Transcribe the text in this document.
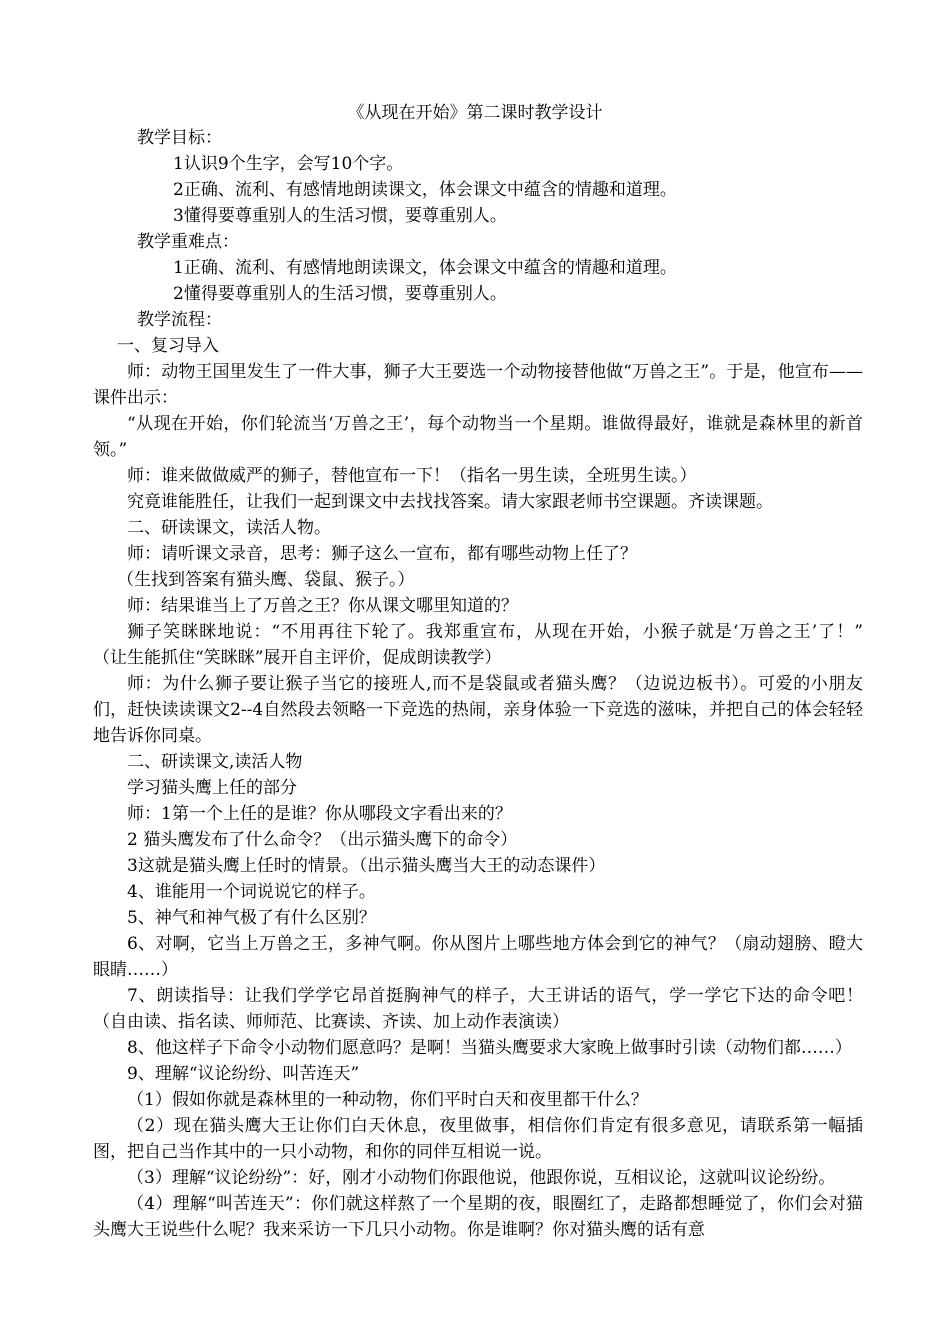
《从现在开始》第二课时教学设计

教学目标：

1认识9个生字，会写10个字。

2正确、流利、有感情地朗读课文，体会课文中蕴含的情趣和道理。

3懂得要尊重别人的生活习惯，要尊重别人。

教学重难点：

1正确、流利、有感情地朗读课文，体会课文中蕴含的情趣和道理。

2懂得要尊重别人的生活习惯，要尊重别人。

教学流程：

一、复习导入

师：动物王国里发生了一件大事，狮子大王要选一个动物接替他做“万兽之王”。于是，他宣布——课件出示：

“从现在开始，你们轮流当‘万兽之王’，每个动物当一个星期。谁做得最好，谁就是森林里的新首领。”

师：谁来做做威严的狮子，替他宣布一下！（指名一男生读，全班男生读。）

究竟谁能胜任，让我们一起到课文中去找找答案。请大家跟老师书空课题。齐读课题。

二、研读课文，读活人物。

师：请听课文录音，思考：狮子这么一宣布，都有哪些动物上任了？

（生找到答案有猫头鹰、袋鼠、猴子。）

师：结果谁当上了万兽之王？你从课文哪里知道的？

狮子笑眯眯地说：“不用再往下轮了。我郑重宣布，从现在开始，小猴子就是‘万兽之王’了！”　　（让生能抓住“笑眯眯”展开自主评价，促成朗读教学）

师：为什么狮子要让猴子当它的接班人,而不是袋鼠或者猫头鹰？（边说边板书）。可爱的小朋友们，赶快读读课文2--4自然段去领略一下竞选的热闹，亲身体验一下竞选的滋味，并把自己的体会轻轻地告诉你同桌。

二、研读课文,读活人物

学习猫头鹰上任的部分

师：1第一个上任的是谁？你从哪段文字看出来的？

2 猫头鹰发布了什么命令？（出示猫头鹰下的命令）

3这就是猫头鹰上任时的情景。（出示猫头鹰当大王的动态课件）

4、谁能用一个词说说它的样子。

5、神气和神气极了有什么区别？

6、对啊，它当上万兽之王，多神气啊。你从图片上哪些地方体会到它的神气？（扇动翅膀、瞪大眼睛……）

7、朗读指导：让我们学学它昂首挺胸神气的样子，大王讲话的语气，学一学它下达的命令吧！（自由读、指名读、师师范、比赛读、齐读、加上动作表演读）

8、他这样子下命令小动物们愿意吗？是啊！当猫头鹰要求大家晚上做事时引读（动物们都……）

9、理解“议论纷纷、叫苦连天”

（1）假如你就是森林里的一种动物，你们平时白天和夜里都干什么？

（2）现在猫头鹰大王让你们白天休息，夜里做事，相信你们肯定有很多意见，请联系第一幅插图，把自己当作其中的一只小动物，和你的同伴互相说一说。

（3）理解“议论纷纷”：好，刚才小动物们你跟他说，他跟你说，互相议论，这就叫议论纷纷。

（4）理解“叫苦连天”：你们就这样熬了一个星期的夜，眼圈红了，走路都想睡觉了，你们会对猫头鹰大王说些什么呢？我来采访一下几只小动物。你是谁啊？你对猫头鹰的话有意
